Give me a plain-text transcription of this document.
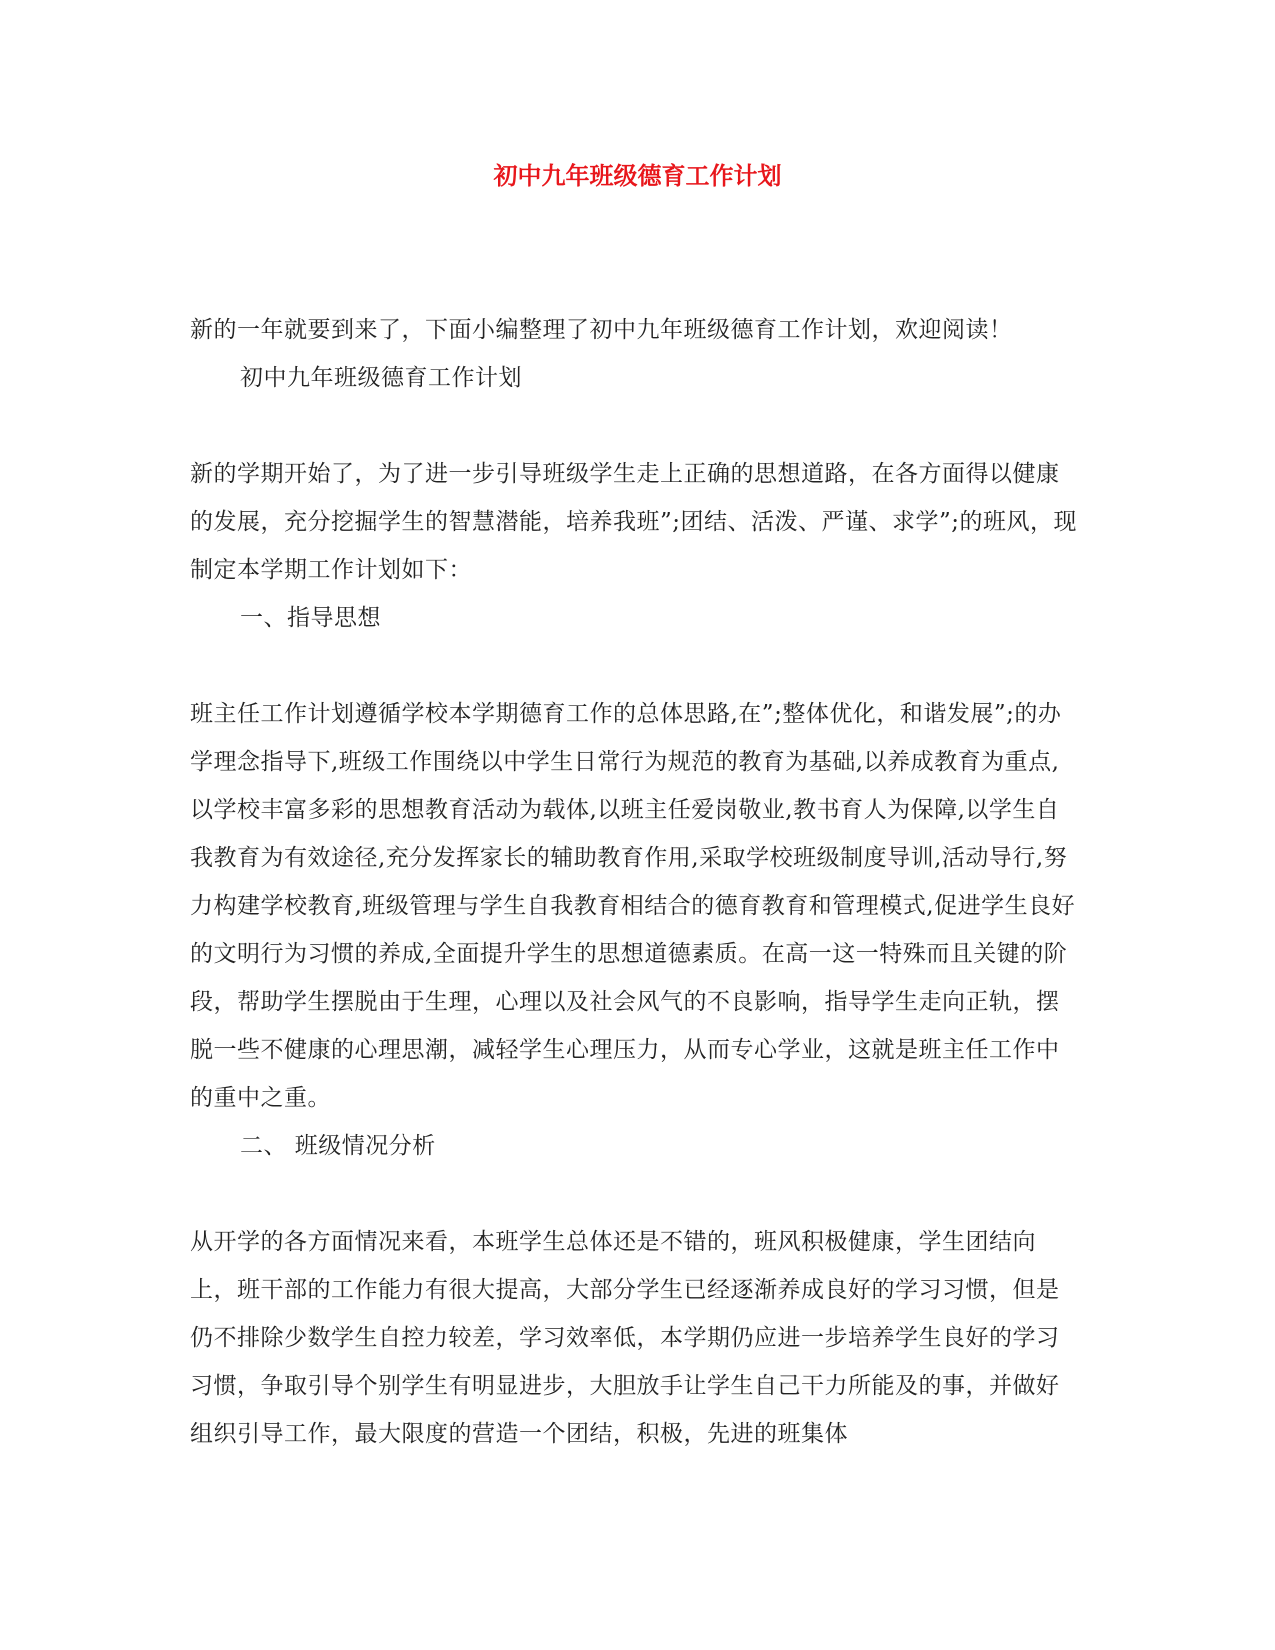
初中九年班级德育工作计划

新的一年就要到来了，下面小编整理了初中九年班级德育工作计划，欢迎阅读！

初中九年班级德育工作计划

新的学期开始了，为了进一步引导班级学生走上正确的思想道路，在各方面得以健康的发展，充分挖掘学生的智慧潜能，培养我班”;团结、活泼、严谨、求学”;的班风，现制定本学期工作计划如下：

一、指导思想

班主任工作计划遵循学校本学期德育工作的总体思路,在”;整体优化，和谐发展”;的办学理念指导下,班级工作围绕以中学生日常行为规范的教育为基础,以养成教育为重点,以学校丰富多彩的思想教育活动为载体,以班主任爱岗敬业,教书育人为保障,以学生自我教育为有效途径,充分发挥家长的辅助教育作用,采取学校班级制度导训,活动导行,努力构建学校教育,班级管理与学生自我教育相结合的德育教育和管理模式,促进学生良好的文明行为习惯的养成,全面提升学生的思想道德素质。在高一这一特殊而且关键的阶段，帮助学生摆脱由于生理，心理以及社会风气的不良影响，指导学生走向正轨，摆脱一些不健康的心理思潮，减轻学生心理压力，从而专心学业，这就是班主任工作中的重中之重。

二、 班级情况分析

从开学的各方面情况来看，本班学生总体还是不错的，班风积极健康，学生团结向上，班干部的工作能力有很大提高，大部分学生已经逐渐养成良好的学习习惯，但是仍不排除少数学生自控力较差，学习效率低，本学期仍应进一步培养学生良好的学习习惯，争取引导个别学生有明显进步，大胆放手让学生自己干力所能及的事，并做好组织引导工作，最大限度的营造一个团结，积极，先进的班集体
